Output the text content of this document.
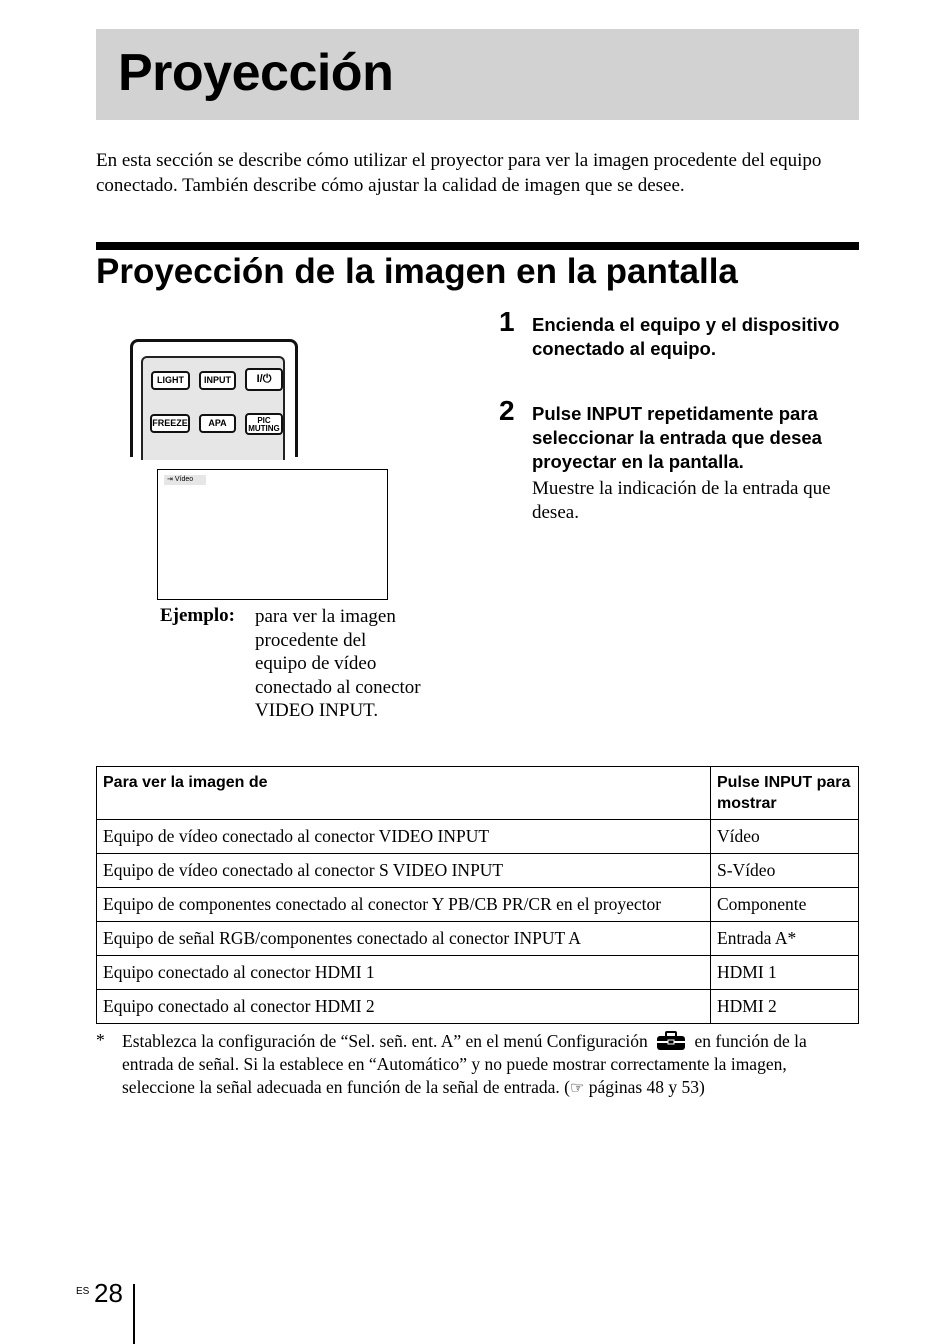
Proyección
En esta sección se describe cómo utilizar el proyector para ver la imagen procedente del equipo conectado. También describe cómo ajustar la calidad de imagen que se desee.
Proyección de la imagen en la pantalla
LIGHT	INPUT	I/⏻
FREEZE	APA	PIC MUTING
⇥ Vídeo
Ejemplo: para ver la imagen
procedente del
equipo de vídeo
conectado al conector
VIDEO INPUT.
1 Encienda el equipo y el dispositivo conectado al equipo.
2 Pulse INPUT repetidamente para seleccionar la entrada que desea proyectar en la pantalla.
Muestre la indicación de la entrada que desea.
Para ver la imagen de	Pulse INPUT para mostrar
Equipo de vídeo conectado al conector VIDEO INPUT	Vídeo
Equipo de vídeo conectado al conector S VIDEO INPUT	S-Vídeo
Equipo de componentes conectado al conector Y PB/CB PR/CR en el proyector	Componente
Equipo de señal RGB/componentes conectado al conector INPUT A	Entrada A*
Equipo conectado al conector HDMI 1	HDMI 1
Equipo conectado al conector HDMI 2	HDMI 2
* Establezca la configuración de “Sel. señ. ent. A” en el menú Configuración	en función de la entrada de señal. Si la establece en “Automático” y no puede mostrar correctamente la imagen, seleccione la señal adecuada en función de la señal de entrada. (☞ páginas 48 y 53)
ES 28
